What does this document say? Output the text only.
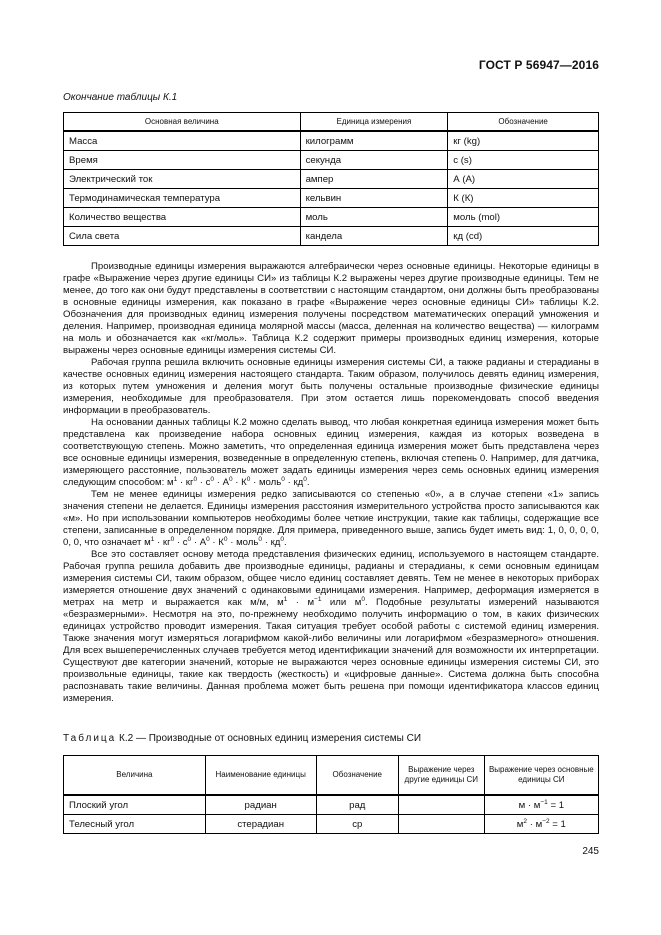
ГОСТ Р 56947—2016
Окончание таблицы К.1
Основная величина	Единица измерения	Обозначение
Масса	килограмм	кг (kg)
Время	секунда	с (s)
Электрический ток	ампер	А (А)
Термодинамическая температура	кельвин	К (К)
Количество вещества	моль	моль (mol)
Сила света	кандела	кд (cd)

Производные единицы измерения выражаются алгебраически через основные единицы. Некоторые единицы в графе «Выражение через другие единицы СИ» из таблицы К.2 выражены через другие производные единицы. Тем не менее, до того как они будут представлены в соответствии с настоящим стандартом, они должны быть преобразованы в основные единицы измерения, как показано в графе «Выражение через основные единицы СИ» таблицы К.2. Обозначения для производных единиц измерения получены посредством математических операций умножения и деления. Например, производная единица молярной массы (масса, деленная на количество вещества) — килограмм на моль и обозначается как «кг/моль». Таблица К.2 содержит примеры производных единиц измерения, которые выражены через основные единицы измерения системы СИ.

Рабочая группа решила включить основные единицы измерения системы СИ, а также радианы и стерадианы в качестве основных единиц измерения настоящего стандарта. Таким образом, получилось девять единиц измерения, из которых путем умножения и деления могут быть получены остальные производные физические единицы измерения, необходимые для преобразователя. При этом остается лишь порекомендовать способ введения информации в преобразователь.

На основании данных таблицы К.2 можно сделать вывод, что любая конкретная единица измерения может быть представлена как произведение набора основных единиц измерения, каждая из которых возведена в соответствующую степень. Можно заметить, что определенная единица измерения может быть представлена через все основные единицы измерения, возведенные в определенную степень, включая степень 0. Например, для датчика, измеряющего расстояние, пользователь может задать единицы измерения через семь основных единиц измерения следующим способом: $м^1 \cdot кг^0 \cdot с^0 \cdot А^0 \cdot К^0$ · моль$^0$ · $кд^0$.

Тем не менее единицы измерения редко записываются со степенью «0», а в случае степени «1» запись значения степени не делается. Единицы измерения расстояния измерительного устройства просто записываются как «м». Но при использовании компьютеров необходимы более четкие инструкции, такие как таблицы, содержащие все степени, записанные в определенном порядке. Для примера, приведенного выше, запись будет иметь вид: 1, 0, 0, 0, 0, 0, 0, что означает $м^1 \cdot кг^0 \cdot с^0 \cdot А^0 \cdot К^0$ · моль$^0$ · $кд^0$.

Все это составляет основу метода представления физических единиц, используемого в настоящем стандарте. Рабочая группа решила добавить две производные единицы, радианы и стерадианы, к семи основным единицам измерения системы СИ, таким образом, общее число единиц составляет девять. Тем не менее в некоторых приборах измеряется отношение двух значений с одинаковыми единицами измерения. Например, деформация измеряется в метрах на метр и выражается как м/м, $м^1 \cdot м^{-1}$ или $м^0$. Подобные результаты измерений называются «безразмерными». Несмотря на это, по-прежнему необходимо получить информацию о том, в каких физических единицах устройство проводит измерения. Такая ситуация требует особой работы с системой единиц измерения. Также значения могут измеряться логарифмом какой-либо величины или логарифмом «безразмерного» отношения. Для всех вышеперечисленных случаев требуется метод идентификации значений для возможности их интерпретации. Существуют две категории значений, которые не выражаются через основные единицы измерения системы СИ, это произвольные единицы, такие как твердость (жесткость) и «цифровые данные». Система должна быть способна распознавать такие величины. Данная проблема может быть решена при помощи идентификатора классов единиц измерения.

Таблица К.2 — Производные от основных единиц измерения системы СИ
Величина	Наименование единицы	Обозначение	Выражение через другие единицы СИ	Выражение через основные единицы СИ
Плоский угол	радиан	рад		$м \cdot м^{-1} = 1$
Телесный угол	стерадиан	ср		$м^2 \cdot м^{-2} = 1$
245
